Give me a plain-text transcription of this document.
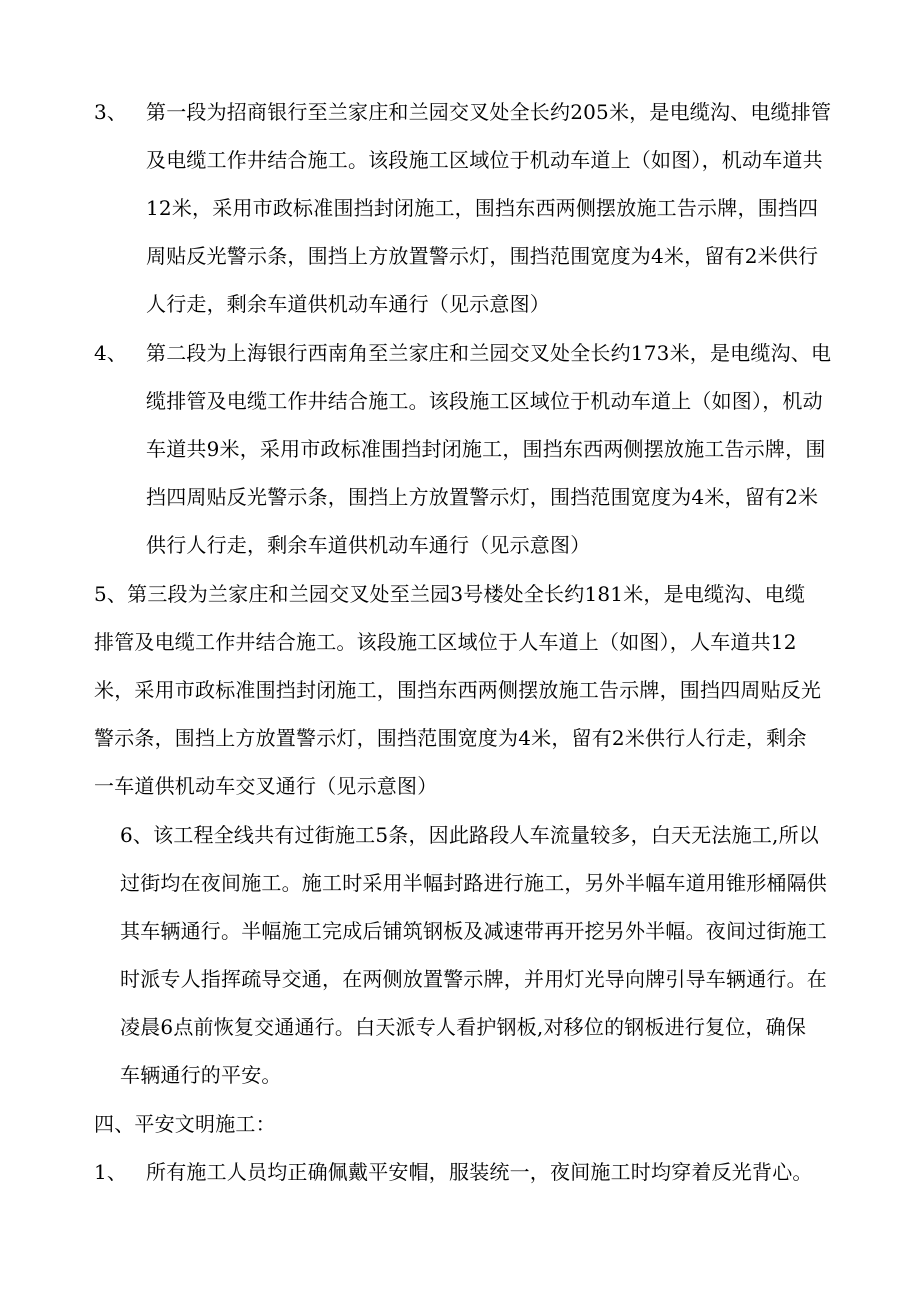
3、 第一段为招商银行至兰家庄和兰园交叉处全长约205米，是电缆沟、电缆排管
及电缆工作井结合施工。该段施工区域位于机动车道上（如图），机动车道共
12米，采用市政标准围挡封闭施工，围挡东西两侧摆放施工告示牌，围挡四
周贴反光警示条，围挡上方放置警示灯，围挡范围宽度为4米，留有2米供行
人行走，剩余车道供机动车通行（见示意图）
4、 第二段为上海银行西南角至兰家庄和兰园交叉处全长约173米，是电缆沟、电
缆排管及电缆工作井结合施工。该段施工区域位于机动车道上（如图），机动
车道共9米，采用市政标准围挡封闭施工，围挡东西两侧摆放施工告示牌，围
挡四周贴反光警示条，围挡上方放置警示灯，围挡范围宽度为4米，留有2米
供行人行走，剩余车道供机动车通行（见示意图）
5、第三段为兰家庄和兰园交叉处至兰园3号楼处全长约181米，是电缆沟、电缆
排管及电缆工作井结合施工。该段施工区域位于人车道上（如图），人车道共12
米，采用市政标准围挡封闭施工，围挡东西两侧摆放施工告示牌，围挡四周贴反光
警示条，围挡上方放置警示灯，围挡范围宽度为4米，留有2米供行人行走，剩余
一车道供机动车交叉通行（见示意图）
6、该工程全线共有过街施工5条，因此路段人车流量较多，白天无法施工,所以
过街均在夜间施工。施工时采用半幅封路进行施工，另外半幅车道用锥形桶隔供
其车辆通行。半幅施工完成后铺筑钢板及减速带再开挖另外半幅。夜间过街施工
时派专人指挥疏导交通，在两侧放置警示牌，并用灯光导向牌引导车辆通行。在
凌晨6点前恢复交通通行。白天派专人看护钢板,对移位的钢板进行复位，确保
车辆通行的平安。
四、平安文明施工：
1、 所有施工人员均正确佩戴平安帽，服装统一，夜间施工时均穿着反光背心。
